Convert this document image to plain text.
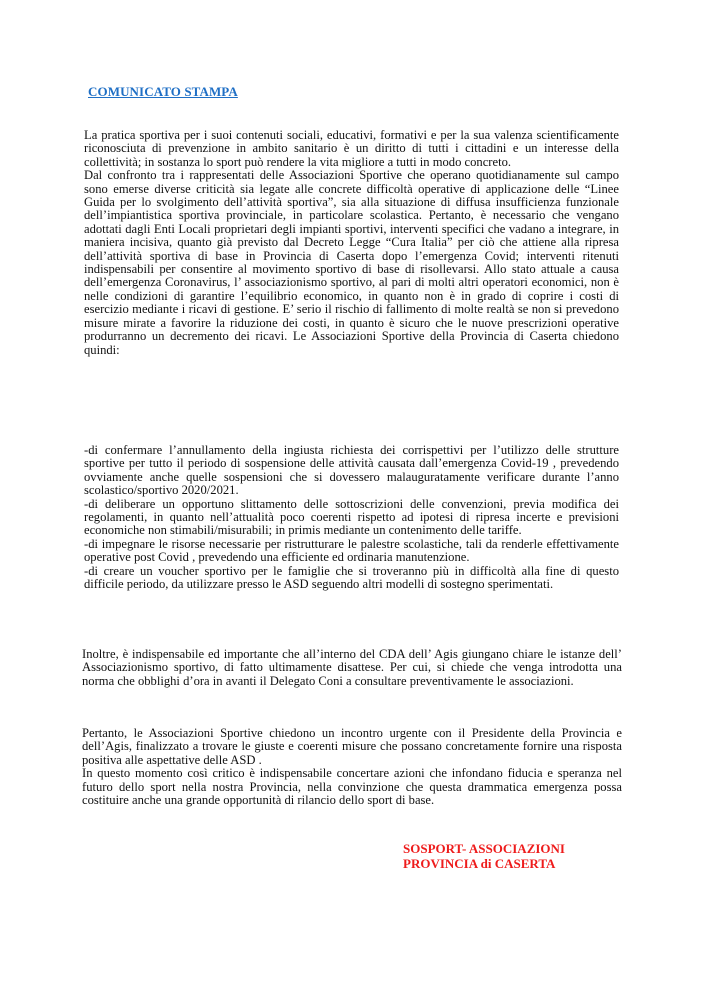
COMUNICATO STAMPA

La pratica sportiva per i suoi contenuti sociali, educativi, formativi e per la sua valenza scientificamente riconosciuta di prevenzione in ambito sanitario è un diritto di tutti i cittadini e un interesse della collettività; in sostanza lo sport può rendere la vita migliore a tutti in modo concreto.

Dal confronto tra i rappresentati delle Associazioni Sportive che operano quotidianamente sul campo sono emerse diverse criticità sia legate alle concrete difficoltà operative di applicazione delle “Linee Guida per lo svolgimento dell’attività sportiva”, sia alla situazione di diffusa insufficienza funzionale dell’impiantistica sportiva provinciale, in particolare scolastica. Pertanto, è necessario che vengano adottati dagli Enti Locali proprietari degli impianti sportivi, interventi specifici che vadano a integrare, in maniera incisiva, quanto già previsto dal Decreto Legge “Cura Italia” per ciò che attiene alla ripresa dell’attività sportiva di base in Provincia di Caserta dopo l’emergenza Covid; interventi ritenuti indispensabili per consentire al movimento sportivo di base di risollevarsi. Allo stato attuale a causa dell’emergenza Coronavirus, l’ associazionismo sportivo, al pari di molti altri operatori economici, non è nelle condizioni di garantire l’equilibrio economico, in quanto non è in grado di coprire i costi di esercizio mediante i ricavi di gestione. E’ serio il rischio di fallimento di molte realtà se non si prevedono misure mirate a favorire la riduzione dei costi, in quanto è sicuro che le nuove prescrizioni operative produrranno un decremento dei ricavi. Le Associazioni Sportive della Provincia di Caserta chiedono quindi:

-di confermare l’annullamento della ingiusta richiesta dei corrispettivi per l’utilizzo delle strutture sportive per tutto il periodo di sospensione delle attività causata dall’emergenza Covid-19 , prevedendo ovviamente anche quelle sospensioni che si dovessero malauguratamente verificare durante l’anno scolastico/sportivo 2020/2021.

-di deliberare un opportuno slittamento delle sottoscrizioni delle convenzioni, previa modifica dei regolamenti, in quanto nell’attualità poco coerenti rispetto ad ipotesi di ripresa incerte e previsioni economiche non stimabili/misurabili; in primis mediante un contenimento delle tariffe.

-di impegnare le risorse necessarie per ristrutturare le palestre scolastiche, tali da renderle effettivamente operative post Covid , prevedendo una efficiente ed ordinaria manutenzione.

-di creare un voucher sportivo per le famiglie che si troveranno più in difficoltà alla fine di questo difficile periodo, da utilizzare presso le ASD seguendo altri modelli di sostegno sperimentati.

Inoltre, è indispensabile ed importante che all’interno del CDA dell’ Agis giungano chiare le istanze dell’ Associazionismo sportivo, di fatto ultimamente disattese. Per cui, si chiede che venga introdotta una norma che obblighi d’ora in avanti il Delegato Coni a consultare preventivamente le associazioni.

Pertanto, le Associazioni Sportive chiedono un incontro urgente con il Presidente della Provincia e dell’Agis, finalizzato a trovare le giuste e coerenti misure che possano concretamente fornire una risposta positiva alle aspettative delle ASD .

In questo momento così critico è indispensabile concertare azioni che infondano fiducia e speranza nel futuro dello sport nella nostra Provincia, nella convinzione che questa drammatica emergenza possa costituire anche una grande opportunità di rilancio dello sport di base.

SOSPORT- ASSOCIAZIONI
PROVINCIA di CASERTA
